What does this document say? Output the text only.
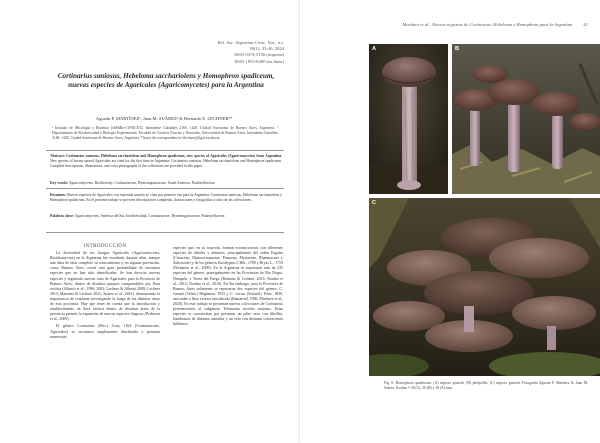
Bol. Soc. Argentina Cienc. Nat., n.s.
39(1): 33-46, 2024
ISSN 0374-5156 (impresa)
ISSN 1853-8460 (en línea)
Cortinarius saniosus, Hebeloma sacchariolens y Homophron spadiceum, nuevas especies de Agaricales (Agaricomycetes) para la Argentina
Agustín P. MARTÍNEZ¹, Juan M. SUÁREZ² & Bernardo E. LECHNER¹*
¹ Instituto de Micología y Botánica (InMiBo-CONICET), Intendente Güiraldes 2160, 1428, Ciudad Autónoma de Buenos Aires, Argentina. ² Departamento de Biodiversidad y Biología Experimental, Facultad de Ciencias Exactas y Naturales, Universidad de Buenos Aires, Intendente Güiraldes 2160, 1428, Ciudad Autónoma de Buenos Aires, Argentina. *Autor de correspondencia: blechner@bg.fcen.uba.ar
Abstract: Cortinarius saniosus, Hebeloma sacchariolens and Homophron spadiceum, new species of Agaricales (Agaricomycetes) from Argentina. New species of brown spored Agaricales are cited for the first time in Argentina: Cortinarius saniosus, Hebeloma sacchariolens and Homophron spadiceum. Complete descriptions, illustrations, and color photographs of the collections are provided in this paper.
Key words: Agaricomycetes, Biodiversity, Cortinariaceae, Hymenogastraceae, South America, Psathyrellaceae.
Resumen: Nuevas especies de Agaricales con esporada marrón se citan por primera vez para la Argentina: Cortinarius saniosus, Hebeloma sacchariolens y Homophron spadiceum. En el presente trabajo se proveen descripciones completas, ilustraciones y fotografías a color de las colecciones.
Palabras clave: Agaricomycetes, América del Sur, biodiversidad, Cortinariaceae, Hymenogastraceae, Psathyrellaceae.

INTRODUCCIÓN

La diversidad de los hongos Agaricales (Agaricomycetes, Basidiomycota) en la Argentina fue estudiada durante años, aunque aún dista de estar completo su conocimiento y, en algunas provincias, como Buenos Aires, existe una gran probabilidad de encontrar especies que no han sido identificadas. Se han descrito nuevas especies y registrado nuevas citas de Agaricales para la Provincia de Buenos Aires, dentro de distintos parques comprendidos por flora exótica (Albertó et al., 1996, 2002; Lechner & Albertó 2008; Lechner 2013; Martínez & Lechner 2021; Suárez et al., 2021), demostrando la importancia de continuar investigando la funga de las distintas áreas de esta provincia. Hay que tener en cuenta que la introducción y establecimiento de flora exótica dentro de distintas áreas de la provincia permite la expansión de nuevas especies fúngicas (Pedersen et al., 2009).

El género Cortinarius (Pers.) Gray, 1821 (Cortinariaceae, Agaricales) se encuentra ampliamente distribuido y presenta numerosas

especies que, en su mayoría, forman ectomicorrizas con diferentes especies de árboles y arbustos, principalmente del orden Fagales (Cistaceae, Dipterocarpaceae, Pinaceae, Myrtaceae, Rhamnaceae y Salicaceae) y de los géneros Eucalyptus L'Hér., 1789 y Bryas L., 1753 (Niskanen et al., 2009). En la Argentina se reportaron más de 235 especies del género, principalmente en las Provincias de Río Negro, Neuquén, y Tierra del Fuego (Romano & Lechner, 2013; Nouhra et al., 2013; Nouhra et al., 2019). En Sin embargo, para la Provincia de Buenos Aires solamente se reportaron dos especies del género, C. varanii (Velen.) Hughman, 1955 y C. vactus (Schaeff.) Fries, 1838, asociadas a flora exótica introducida (Ramarrall, 1986; Martínez et al., 2020). En este trabajo se presentan nuevos colecciones de Cortinarius pertenecientes al subgénero Telamonia sección saniosus. Estas especies se caracterizan por presentar un píleo seco con fibrillas, basidiomas de distintos tamaños y un velo con distintas coloraciones brillantes.

Martínez et al.: Nuevos registros de Cortinarius, Hebeloma y Homophron para la Argentina 41
A	B
C
Fig. 6. Homophron spadiceum. (A) aspecto general; (B) pileipellis; (C) aspecto general. Fotografía Agustín P. Martínez & Juan M. Suárez. Escalas = 30 (C), 20 (B) y 10 (A) mm.
